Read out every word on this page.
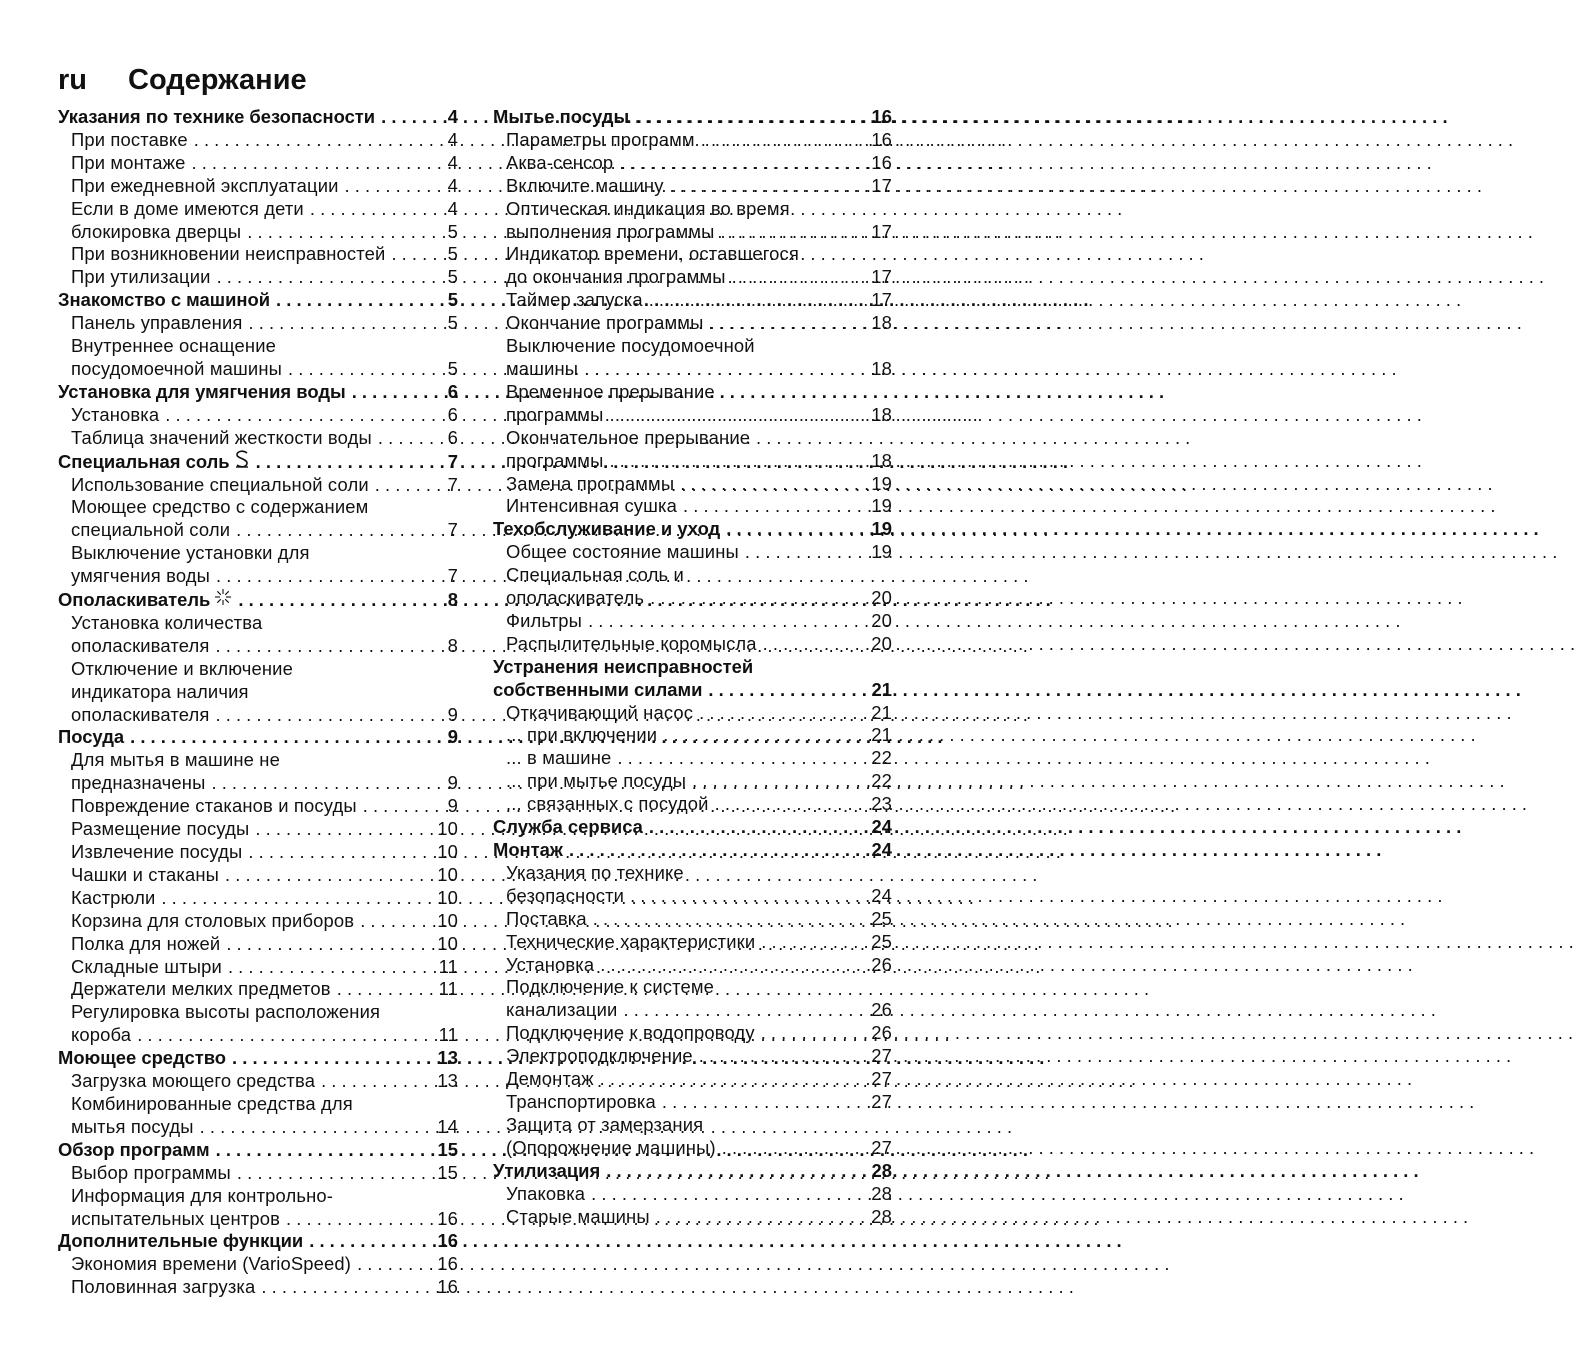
ru Содержание
Указания по технике безопасности . . .	4
При поставке . . .	4
При монтаже . . .	4
При ежедневной эксплуатации . . .	4
Если в доме имеются дети . . .	4
блокировка дверцы . . .	5
При возникновении неисправностей . . .	5
При утилизации . . .	5
Знакомство с машиной . . .	5
Панель управления . . .	5
Внутреннее оснащение
посудомоечной машины . . .	5
Установка для умягчения воды . . .	6
Установка . . .	6
Таблица значений жесткости воды . . .	6
Специальная соль . . .	7
Использование специальной соли . . .	7
Моющее средство с содержанием
специальной соли . . .	7
Выключение установки для
умягчения воды . . .	7
Ополаскиватель . . .	8
Установка количества
ополаскивателя . . .	8
Отключение и включение
индикатора наличия
ополаскивателя . . .	9
Посуда . . .	9
Для мытья в машине не
предназначены . . .	9
Повреждение стаканов и посуды . . .	9
Размещение посуды . . .	10
Извлечение посуды . . .	10
Чашки и стаканы . . .	10
Кастрюли . . .	10
Корзина для столовых приборов . . .	10
Полка для ножей . . .	10
Складные штыри . . .	11
Держатели мелких предметов . . .	11
Регулировка высоты расположения
короба . . .	11
Моющее средство . . .	13
Загрузка моющего средства . . .	13
Комбинированные средства для
мытья посуды . . .	14
Обзор программ . . .	15
Выбор программы . . .	15
Информация для контрольно-
испытательных центров . . .	16
Дополнительные функции . . .	16
Экономия времени (VarioSpeed) . . .	16
Половинная загрузка . . .	16
Мытье посуды . . .	16
Параметры программ . . .	16
Аква-сенсор . . .	16
Включите машину . . .	17
Оптическая индикация во время
выполнения программы . . .	17
Индикатор времени, оставшегося
до окончания программы . . .	17
Таймер запуска . . .	17
Окончание программы . . .	18
Выключение посудомоечной
машины . . .	18
Временное прерывание
программы . . .	18
Окончательное прерывание
программы . . .	18
Замена программы . . .	19
Интенсивная сушка . . .	19
Техобслуживание и уход . . .	19
Общее состояние машины . . .	19
Специальная соль и
ополаскиватель . . .	20
Фильтры . . .	20
Распылительные коромысла . . .	20
Устранения неисправностей
собственными силами . . .	21
Откачивающий насос . . .	21
... при включении . . .	21
... в машине . . .	22
... при мытье посуды . . .	22
... связанных с посудой . . .	23
Служба сервиса . . .	24
Монтаж . . .	24
Указания по технике
безопасности . . .	24
Поставка . . .	25
Технические характеристики . . .	25
Установка . . .	26
Подключение к системе
канализации . . .	26
Подключение к водопроводу . . .	26
Электроподключение . . .	27
Демонтаж . . .	27
Транспортировка . . .	27
Защита от замерзания
(Опорожнение машины) . . .	27
Утилизация . . .	28
Упаковка . . .	28
Старые машины . . .	28
